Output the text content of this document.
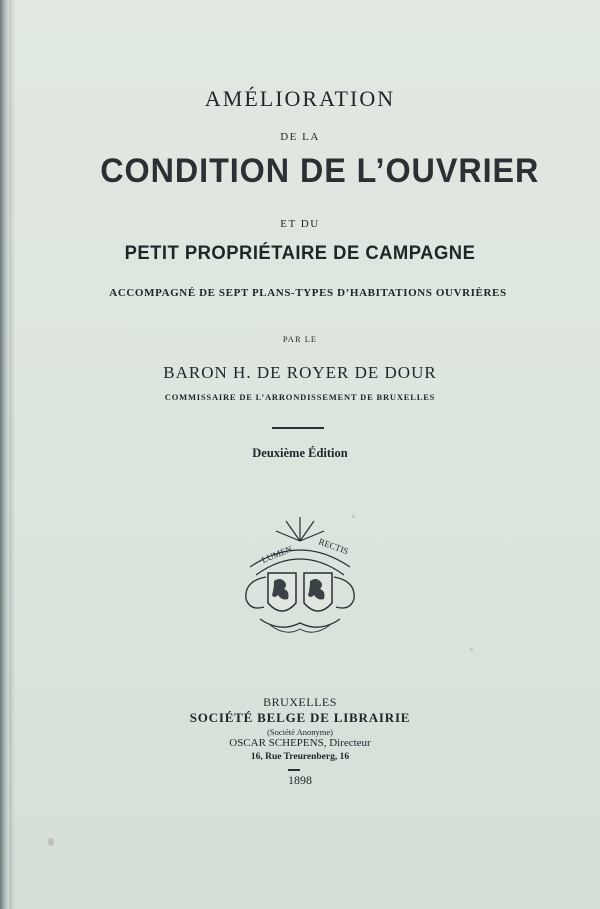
AMÉLIORATION
DE LA
CONDITION DE L’OUVRIER
ET DU
PETIT PROPRIÉTAIRE DE CAMPAGNE
ACCOMPAGNÉ DE SEPT PLANS-TYPES D’HABITATIONS OUVRIÈRES
PAR LE
BARON H. DE ROYER DE DOUR
COMMISSAIRE DE L’ARRONDISSEMENT DE BRUXELLES
Deuxième Édition
LUMEN	RECTIS
BRUXELLES
SOCIÉTÉ BELGE DE LIBRAIRIE
(Société Anonyme)
OSCAR SCHEPENS, Directeur
16, Rue Treurenberg, 16
1898
